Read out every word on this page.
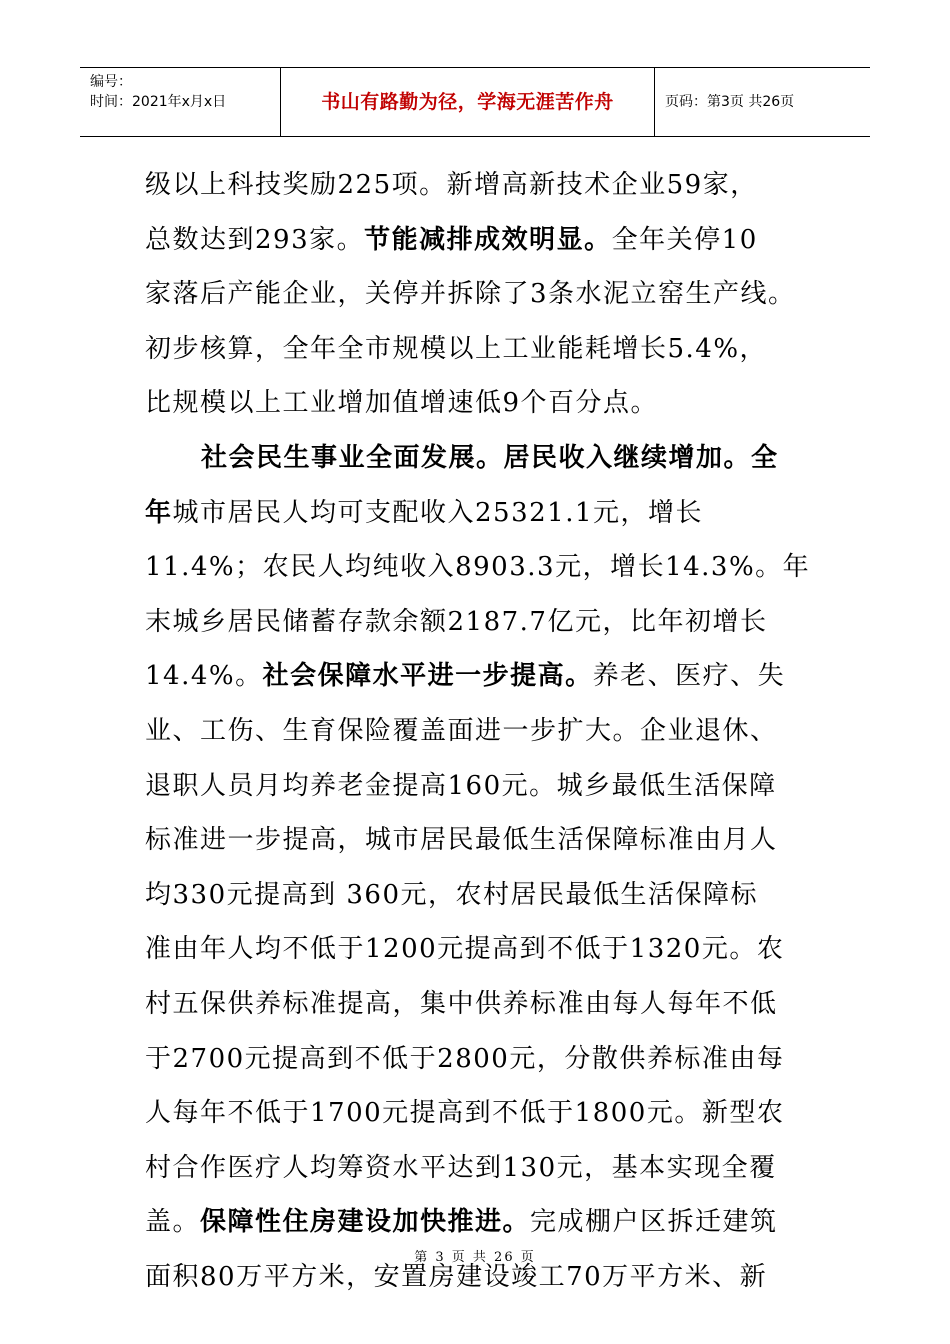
编号：
时间：2021年x月x日	书山有路勤为径，学海无涯苦作舟	页码：第3页 共26页
级以上科技奖励225项。新增高新技术企业59家，
总数达到293家。节能减排成效明显。全年关停10
家落后产能企业，关停并拆除了3条水泥立窑生产线。
初步核算，全年全市规模以上工业能耗增长5.4%，
比规模以上工业增加值增速低9个百分点。
社会民生事业全面发展。居民收入继续增加。全
年城市居民人均可支配收入25321.1元，增长
11.4%；农民人均纯收入8903.3元，增长14.3%。年
末城乡居民储蓄存款余额2187.7亿元，比年初增长
14.4%。社会保障水平进一步提高。养老、医疗、失
业、工伤、生育保险覆盖面进一步扩大。企业退休、
退职人员月均养老金提高160元。城乡最低生活保障
标准进一步提高，城市居民最低生活保障标准由月人
均330元提高到 360元，农村居民最低生活保障标
准由年人均不低于1200元提高到不低于1320元。农
村五保供养标准提高，集中供养标准由每人每年不低
于2700元提高到不低于2800元，分散供养标准由每
人每年不低于1700元提高到不低于1800元。新型农
村合作医疗人均筹资水平达到130元，基本实现全覆
盖。保障性住房建设加快推进。完成棚户区拆迁建筑
面积80万平方米，安置房建设竣工70万平方米、新
第 3 页 共 26 页
